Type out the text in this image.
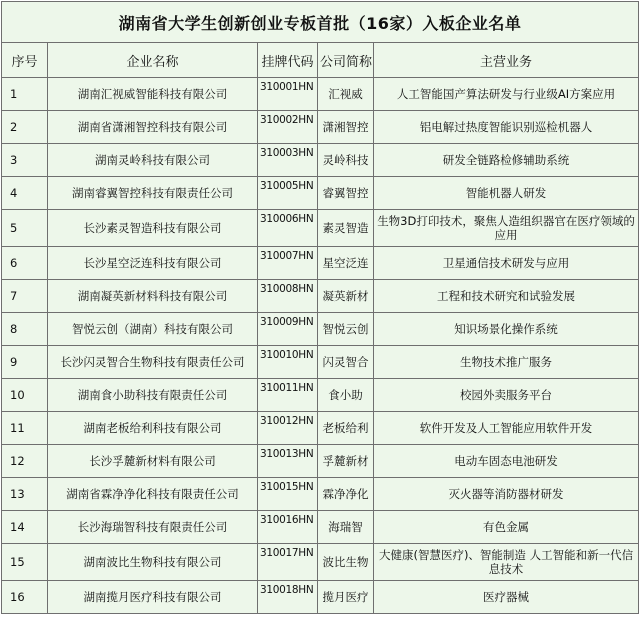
湖南省大学生创新创业专板首批（16家）入板企业名单				
序号	企业名称	挂牌代码	公司简称	主营业务
1	湖南汇视威智能科技有限公司	310001HN	汇视威	人工智能国产算法研发与行业级AI方案应用
2	湖南省潇湘智控科技有限公司	310002HN	潇湘智控	铝电解过热度智能识别巡检机器人
3	湖南灵岭科技有限公司	310003HN	灵岭科技	研发全链路检修辅助系统
4	湖南睿翼智控科技有限责任公司	310005HN	睿翼智控	智能机器人研发
5	长沙素灵智造科技有限公司	310006HN	素灵智造	生物3D打印技术，聚焦人造组织器官在医疗领域的应用
6	长沙星空泛连科技有限公司	310007HN	星空泛连	卫星通信技术研发与应用
7	湖南凝英新材料科技有限公司	310008HN	凝英新材	工程和技术研究和试验发展
8	智悦云创（湖南）科技有限公司	310009HN	智悦云创	知识场景化操作系统
9	长沙闪灵智合生物科技有限责任公司	310010HN	闪灵智合	生物技术推广服务
10	湖南食小助科技有限责任公司	310011HN	食小助	校园外卖服务平台
11	湖南老板给利科技有限公司	310012HN	老板给利	软件开发及人工智能应用软件开发
12	长沙孚麓新材料有限公司	310013HN	孚麓新材	电动车固态电池研发
13	湖南省霖净净化科技有限责任公司	310015HN	霖净净化	灭火器等消防器材研发
14	长沙海瑞智科技有限责任公司	310016HN	海瑞智	有色金属
15	湖南波比生物科技有限公司	310017HN	波比生物	大健康(智慧医疗)、智能制造 人工智能和新一代信息技术
16	湖南揽月医疗科技有限公司	310018HN	揽月医疗	医疗器械
